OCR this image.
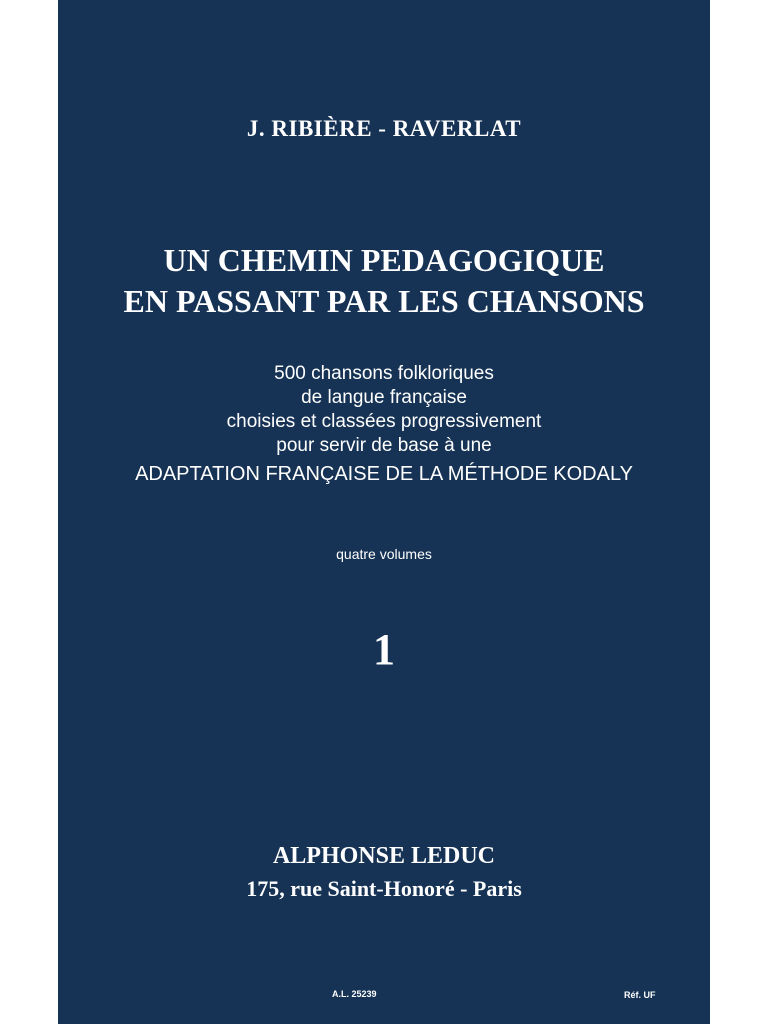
J. RIBIÈRE - RAVERLAT

UN CHEMIN PEDAGOGIQUE

EN PASSANT PAR LES CHANSONS

500 chansons folkloriques

de langue française

choisies et classées progressivement

pour servir de base à une

ADAPTATION FRANÇAISE DE LA MÉTHODE KODALY

quatre volumes

1

ALPHONSE LEDUC

175, rue Saint-Honoré - Paris

A.L. 25239	Réf. UF
